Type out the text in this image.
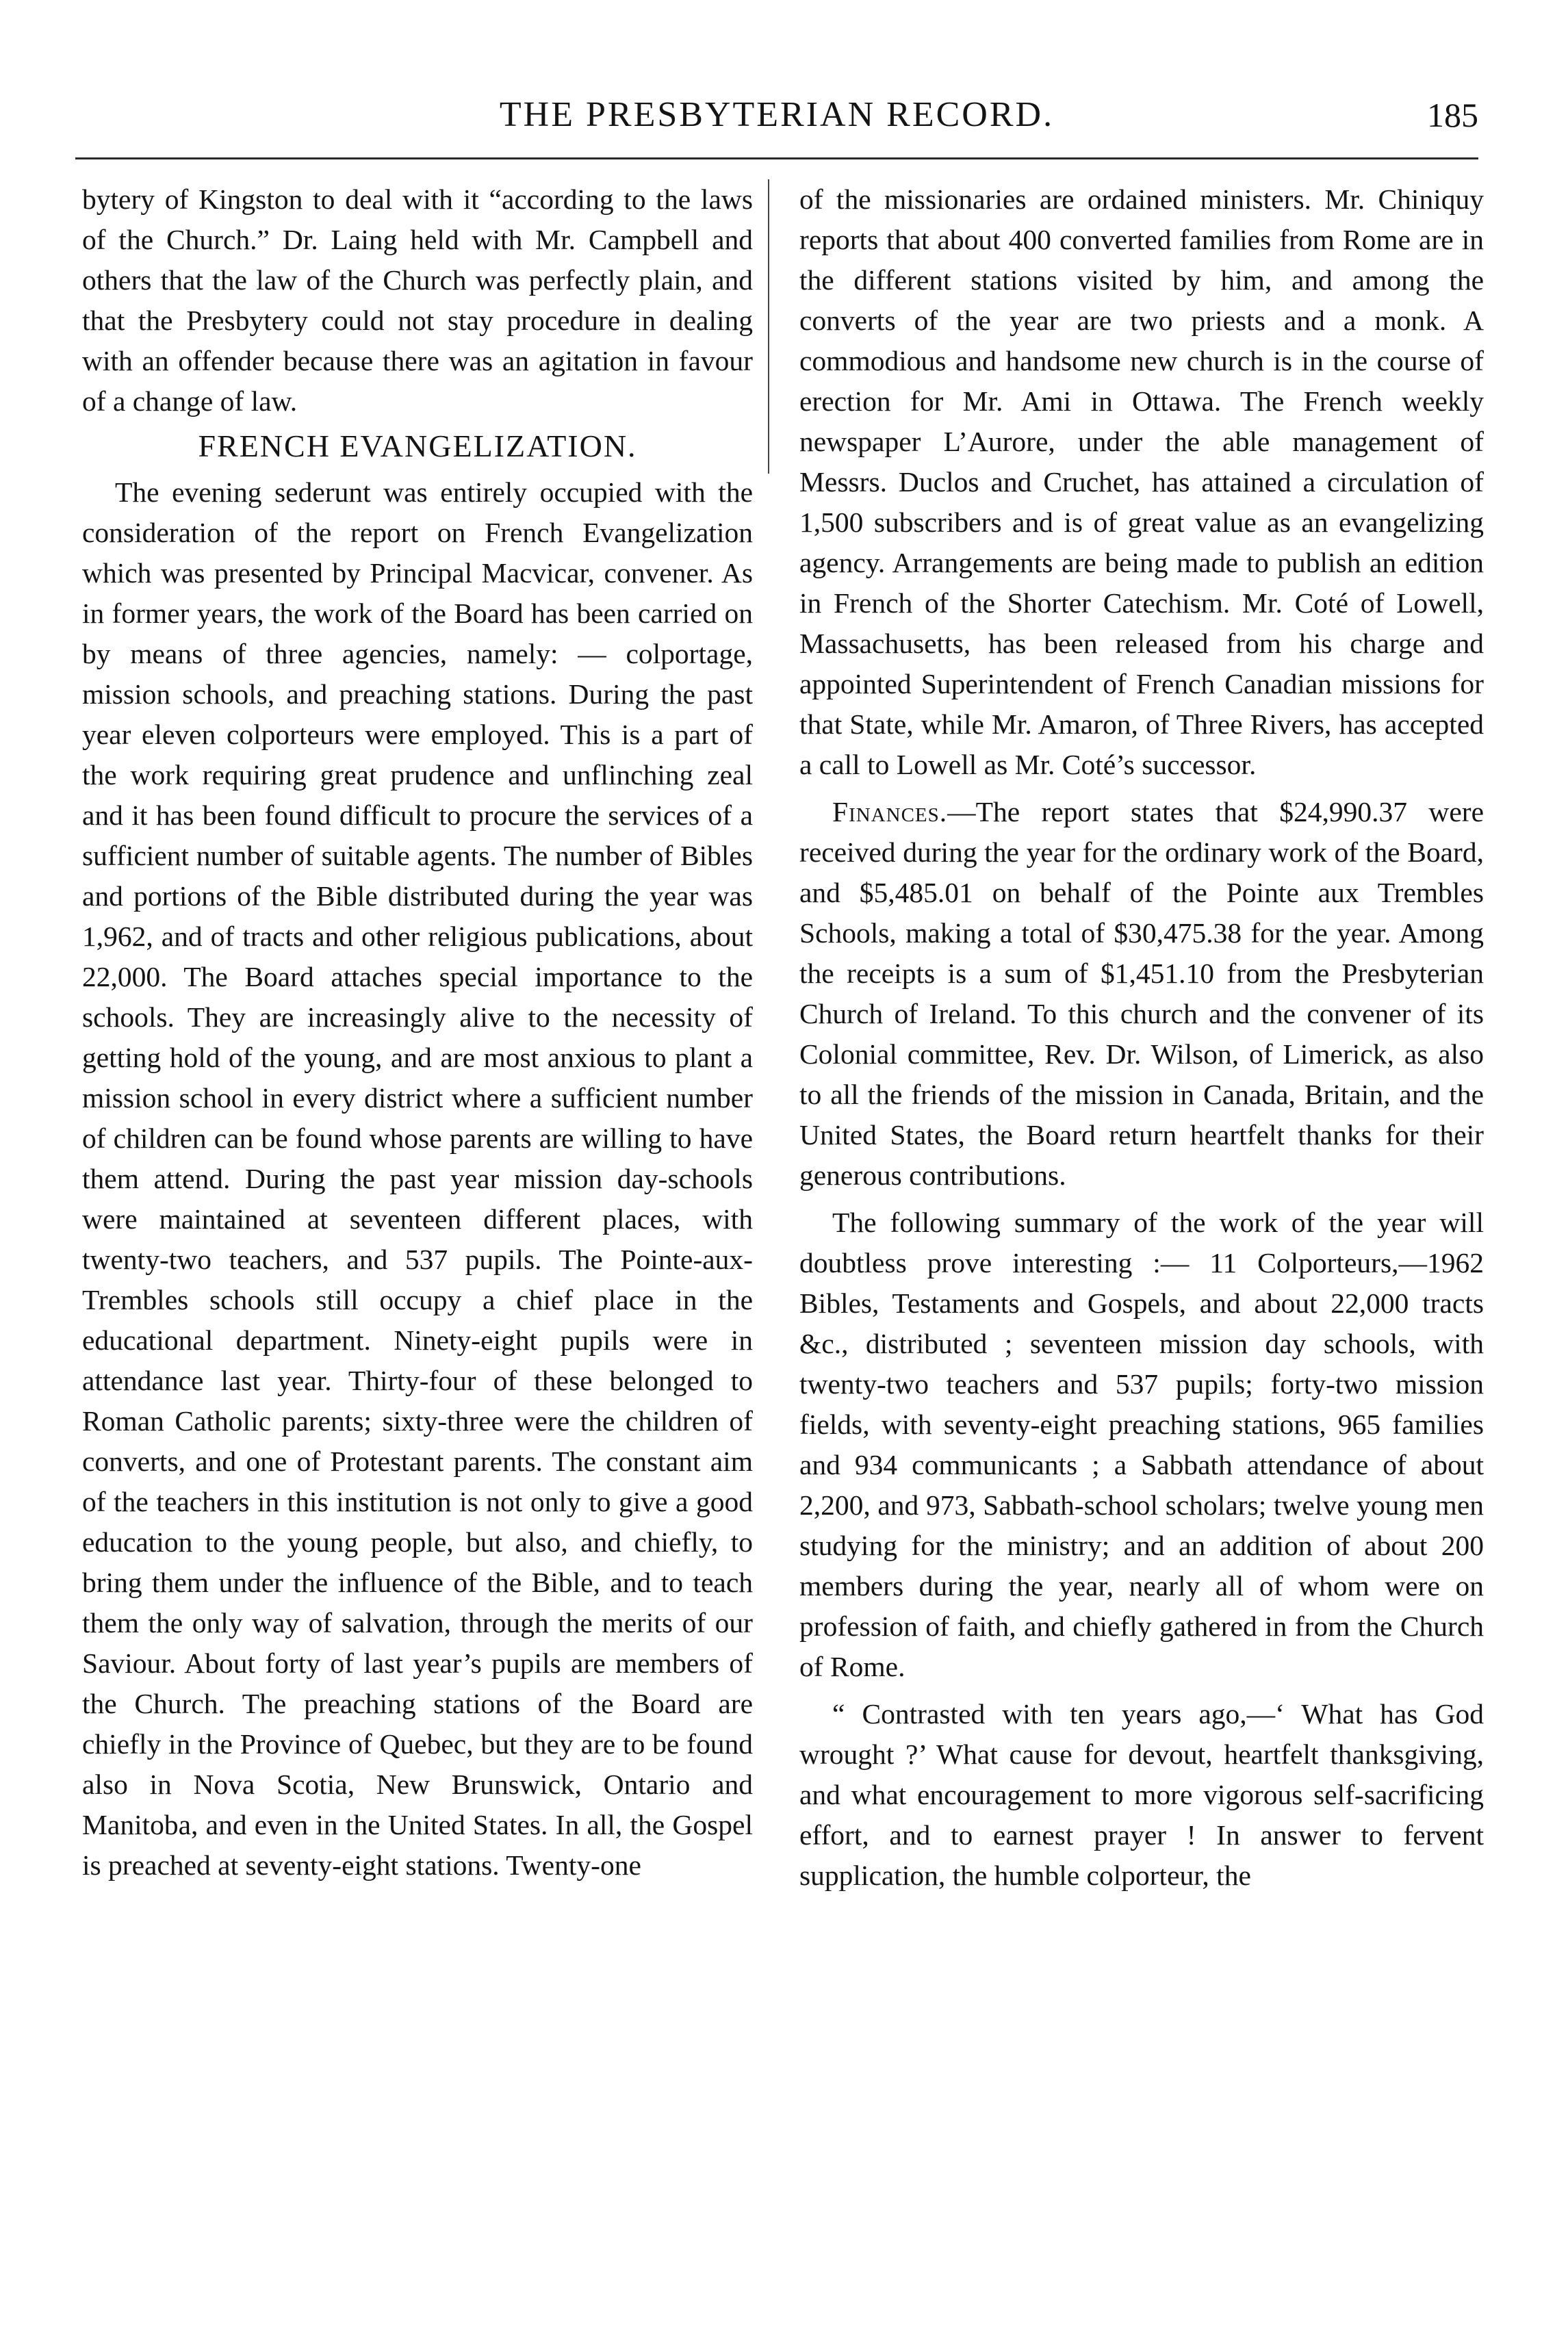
THE PRESBYTERIAN RECORD.	185

bytery of Kingston to deal with it “according to the laws of the Church.” Dr. Laing held with Mr. Campbell and others that the law of the Church was perfectly plain, and that the Presbytery could not stay procedure in dealing with an offender because there was an agitation in favour of a change of law.

FRENCH EVANGELIZATION.

The evening sederunt was entirely occupied with the consideration of the report on French Evangelization which was presented by Principal Macvicar, convener. As in former years, the work of the Board has been carried on by means of three agencies, namely: — colportage, mission schools, and preaching stations. During the past year eleven colporteurs were employed. This is a part of the work requiring great prudence and unflinching zeal and it has been found difficult to procure the services of a sufficient number of suitable agents. The number of Bibles and portions of the Bible distributed during the year was 1,962, and of tracts and other religious publications, about 22,000. The Board attaches special importance to the schools. They are increasingly alive to the necessity of getting hold of the young, and are most anxious to plant a mission school in every district where a sufficient number of children can be found whose parents are willing to have them attend. During the past year mission day-schools were maintained at seventeen different places, with twenty-two teachers, and 537 pupils. The Pointe-aux-Trembles schools still occupy a chief place in the educational department. Ninety-eight pupils were in attendance last year. Thirty-four of these belonged to Roman Catholic parents; sixty-three were the children of converts, and one of Protestant parents. The constant aim of the teachers in this institution is not only to give a good education to the young people, but also, and chiefly, to bring them under the influence of the Bible, and to teach them the only way of salvation, through the merits of our Saviour. About forty of last year’s pupils are members of the Church. The preaching stations of the Board are chiefly in the Province of Quebec, but they are to be found also in Nova Scotia, New Brunswick, Ontario and Manitoba, and even in the United States. In all, the Gospel is preached at seventy-eight stations. Twenty-one

of the missionaries are ordained ministers. Mr. Chiniquy reports that about 400 converted families from Rome are in the different stations visited by him, and among the converts of the year are two priests and a monk. A commodious and handsome new church is in the course of erection for Mr. Ami in Ottawa. The French weekly newspaper L’Aurore, under the able management of Messrs. Duclos and Cruchet, has attained a circulation of 1,500 subscribers and is of great value as an evangelizing agency. Arrangements are being made to publish an edition in French of the Shorter Catechism. Mr. Coté of Lowell, Massachusetts, has been released from his charge and appointed Superintendent of French Canadian missions for that State, while Mr. Amaron, of Three Rivers, has accepted a call to Lowell as Mr. Coté’s successor.

Finances.—The report states that $24,990.37 were received during the year for the ordinary work of the Board, and $5,485.01 on behalf of the Pointe aux Trembles Schools, making a total of $30,475.38 for the year. Among the receipts is a sum of $1,451.10 from the Presbyterian Church of Ireland. To this church and the convener of its Colonial committee, Rev. Dr. Wilson, of Limerick, as also to all the friends of the mission in Canada, Britain, and the United States, the Board return heartfelt thanks for their generous contributions.

The following summary of the work of the year will doubtless prove interesting :— 11 Colporteurs,—1962 Bibles, Testaments and Gospels, and about 22,000 tracts &c., distributed ; seventeen mission day schools, with twenty-two teachers and 537 pupils; forty-two mission fields, with seventy-eight preaching stations, 965 families and 934 communicants ; a Sabbath attendance of about 2,200, and 973, Sabbath-school scholars; twelve young men studying for the ministry; and an addition of about 200 members during the year, nearly all of whom were on profession of faith, and chiefly gathered in from the Church of Rome.

“ Contrasted with ten years ago,—‘ What has God wrought ?’ What cause for devout, heartfelt thanksgiving, and what encouragement to more vigorous self-sacrificing effort, and to earnest prayer ! In answer to fervent supplication, the humble colporteur, the
